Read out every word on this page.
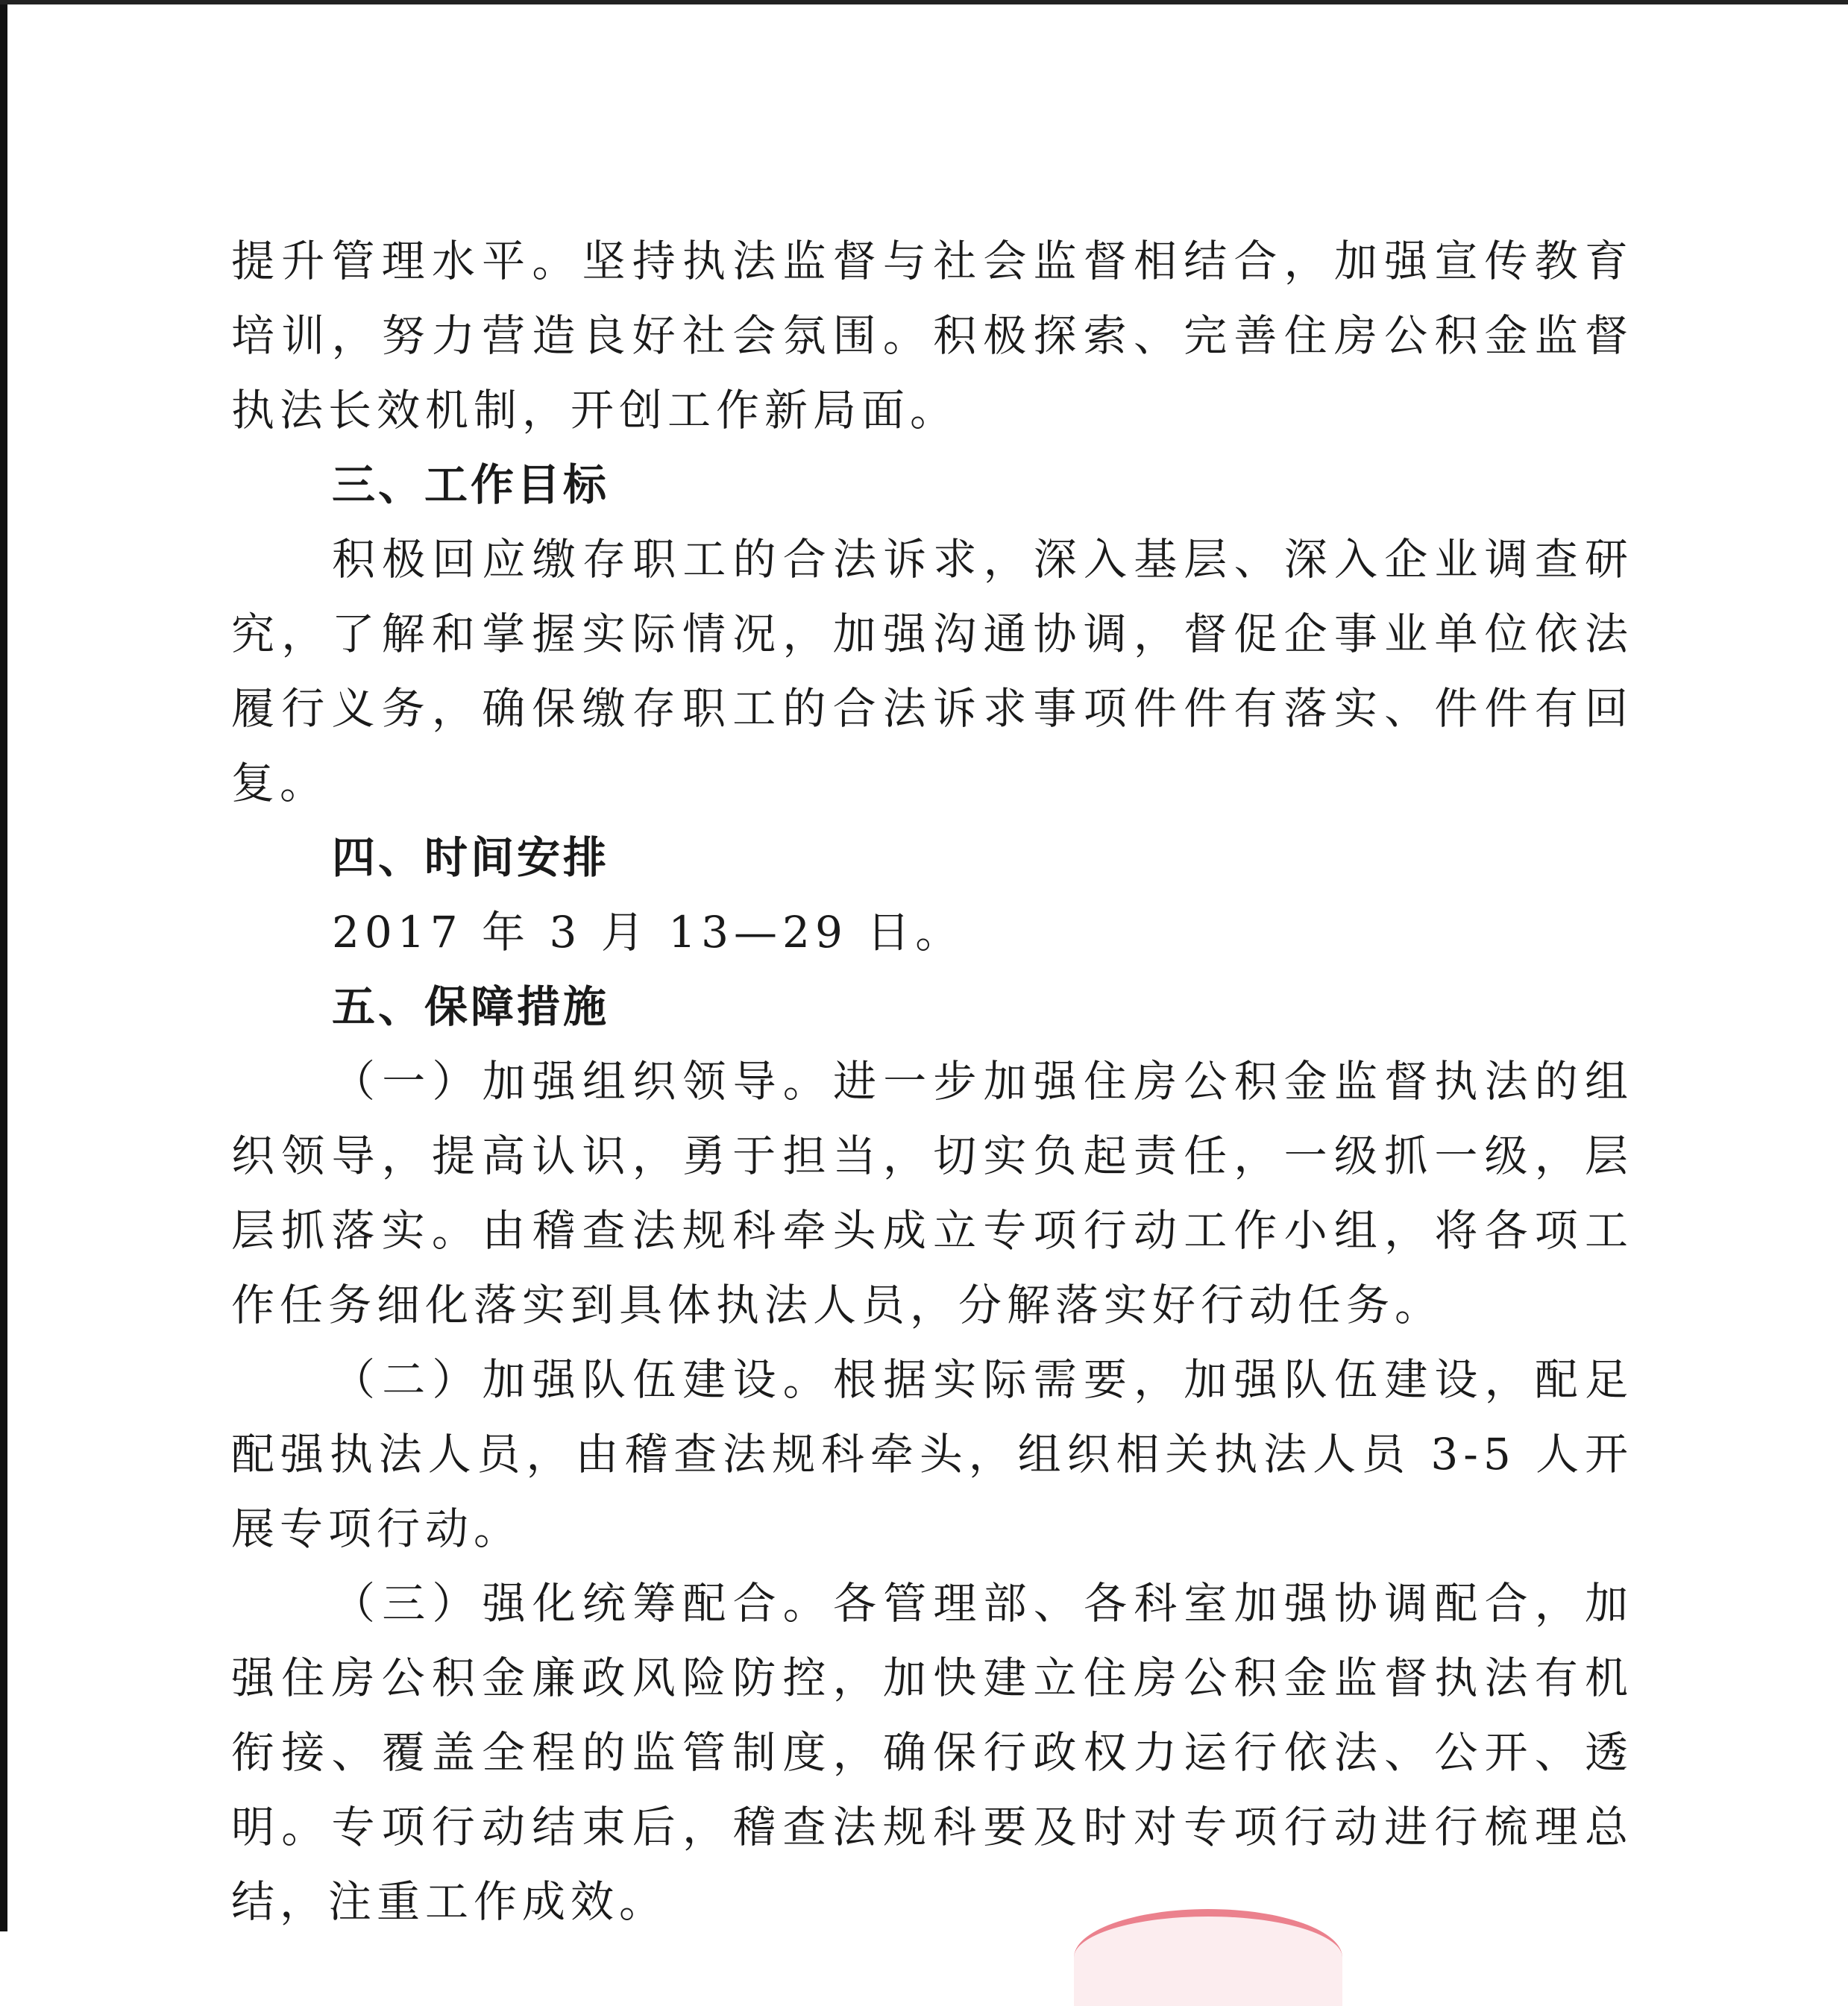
提升管理水平。坚持执法监督与社会监督相结合，加强宣传教育培训，努力营造良好社会氛围。积极探索、完善住房公积金监督执法长效机制，开创工作新局面。

三、工作目标

积极回应缴存职工的合法诉求，深入基层、深入企业调查研究，了解和掌握实际情况，加强沟通协调，督促企事业单位依法履行义务，确保缴存职工的合法诉求事项件件有落实、件件有回复。

四、时间安排

2017 年 3 月 13—29 日。

五、保障措施

（一）加强组织领导。进一步加强住房公积金监督执法的组织领导，提高认识，勇于担当，切实负起责任，一级抓一级，层层抓落实。由稽查法规科牵头成立专项行动工作小组，将各项工作任务细化落实到具体执法人员，分解落实好行动任务。

（二）加强队伍建设。根据实际需要，加强队伍建设，配足配强执法人员，由稽查法规科牵头，组织相关执法人员 3-5 人开展专项行动。

（三）强化统筹配合。各管理部、各科室加强协调配合，加强住房公积金廉政风险防控，加快建立住房公积金监督执法有机衔接、覆盖全程的监管制度，确保行政权力运行依法、公开、透明。专项行动结束后，稽查法规科要及时对专项行动进行梳理总结，注重工作成效。
